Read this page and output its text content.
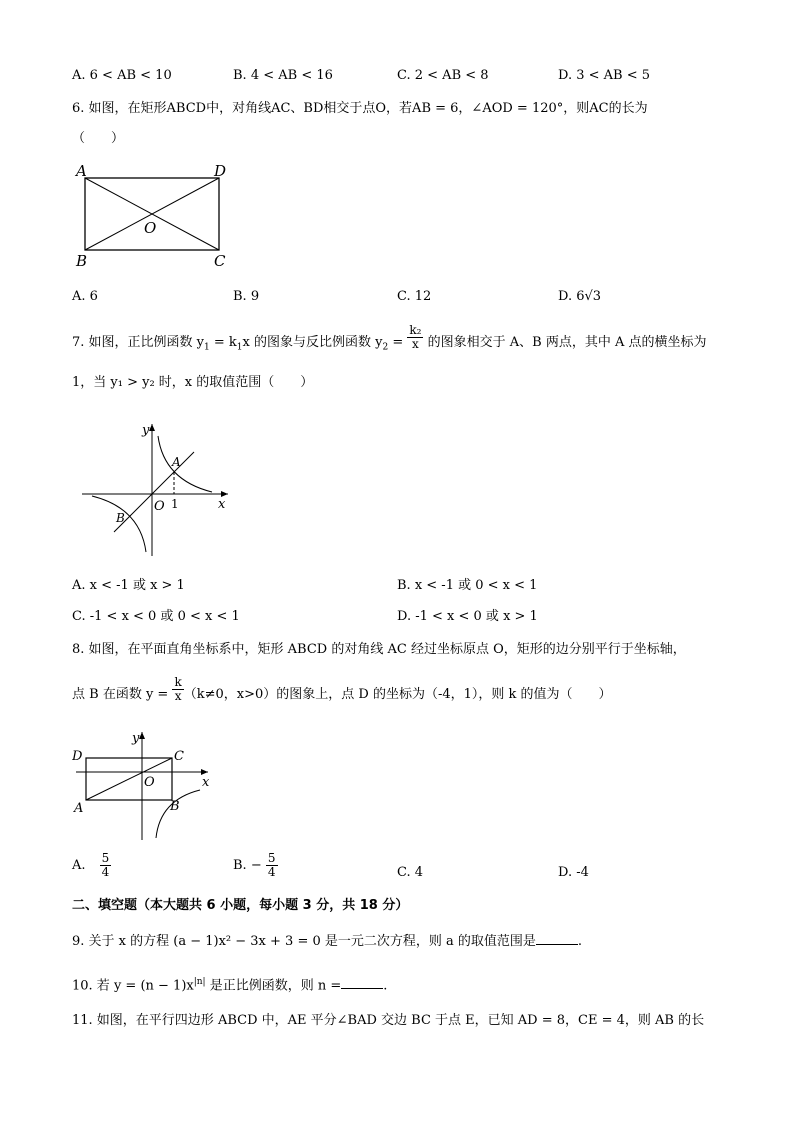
A. 6 < AB < 10	B. 4 < AB < 16	C. 2 < AB < 8	D. 3 < AB < 5
6. 如图，在矩形ABCD中，对角线AC、BD相交于点O，若AB = 6，∠AOD = 120°，则AC的长为
（　　）
A	D
B	C
O
A. 6	B. 9	C. 12	D. 6√3
7. 如图，正比例函数 $y_1 = k_1x$ 的图象与反比例函数 $y_2 = \frac{\text{k₂}}{x}$ 的图象相交于 A、B 两点，其中 A 点的横坐标为
1，当 y₁ > y₂ 时，x 的取值范围（　　）
y
x
A
B
O 1
A. x < -1 或 x > 1	B. x < -1 或 0 < x < 1
C. -1 < x < 0 或 0 < x < 1	D. -1 < x < 0 或 x > 1
8. 如图，在平面直角坐标系中，矩形 ABCD 的对角线 AC 经过坐标原点 O，矩形的边分别平行于坐标轴，
点 B 在函数 $y = \frac{k}{x} (k\ne 0$，x>0）的图象上，点 D 的坐标为（-4，1），则 k 的值为（　　）
y
x
D	C
A	B
O
A. $\frac{5}{4}$	B. − $\frac{5}{4}$	C. 4	D. -4
二、填空题（本大题共 6 小题，每小题 3 分，共 18 分）
9. 关于 x 的方程 (a − 1)x² − 3x + 3 = 0 是一元二次方程，则 a 的取值范围是	.
10. 若 $y = (n - 1)x^{|n|}$ 是正比例函数，则 n =	.
11. 如图，在平行四边形 ABCD 中，AE 平分∠BAD 交边 BC 于点 E，已知 AD = 8，CE = 4，则 AB 的长
